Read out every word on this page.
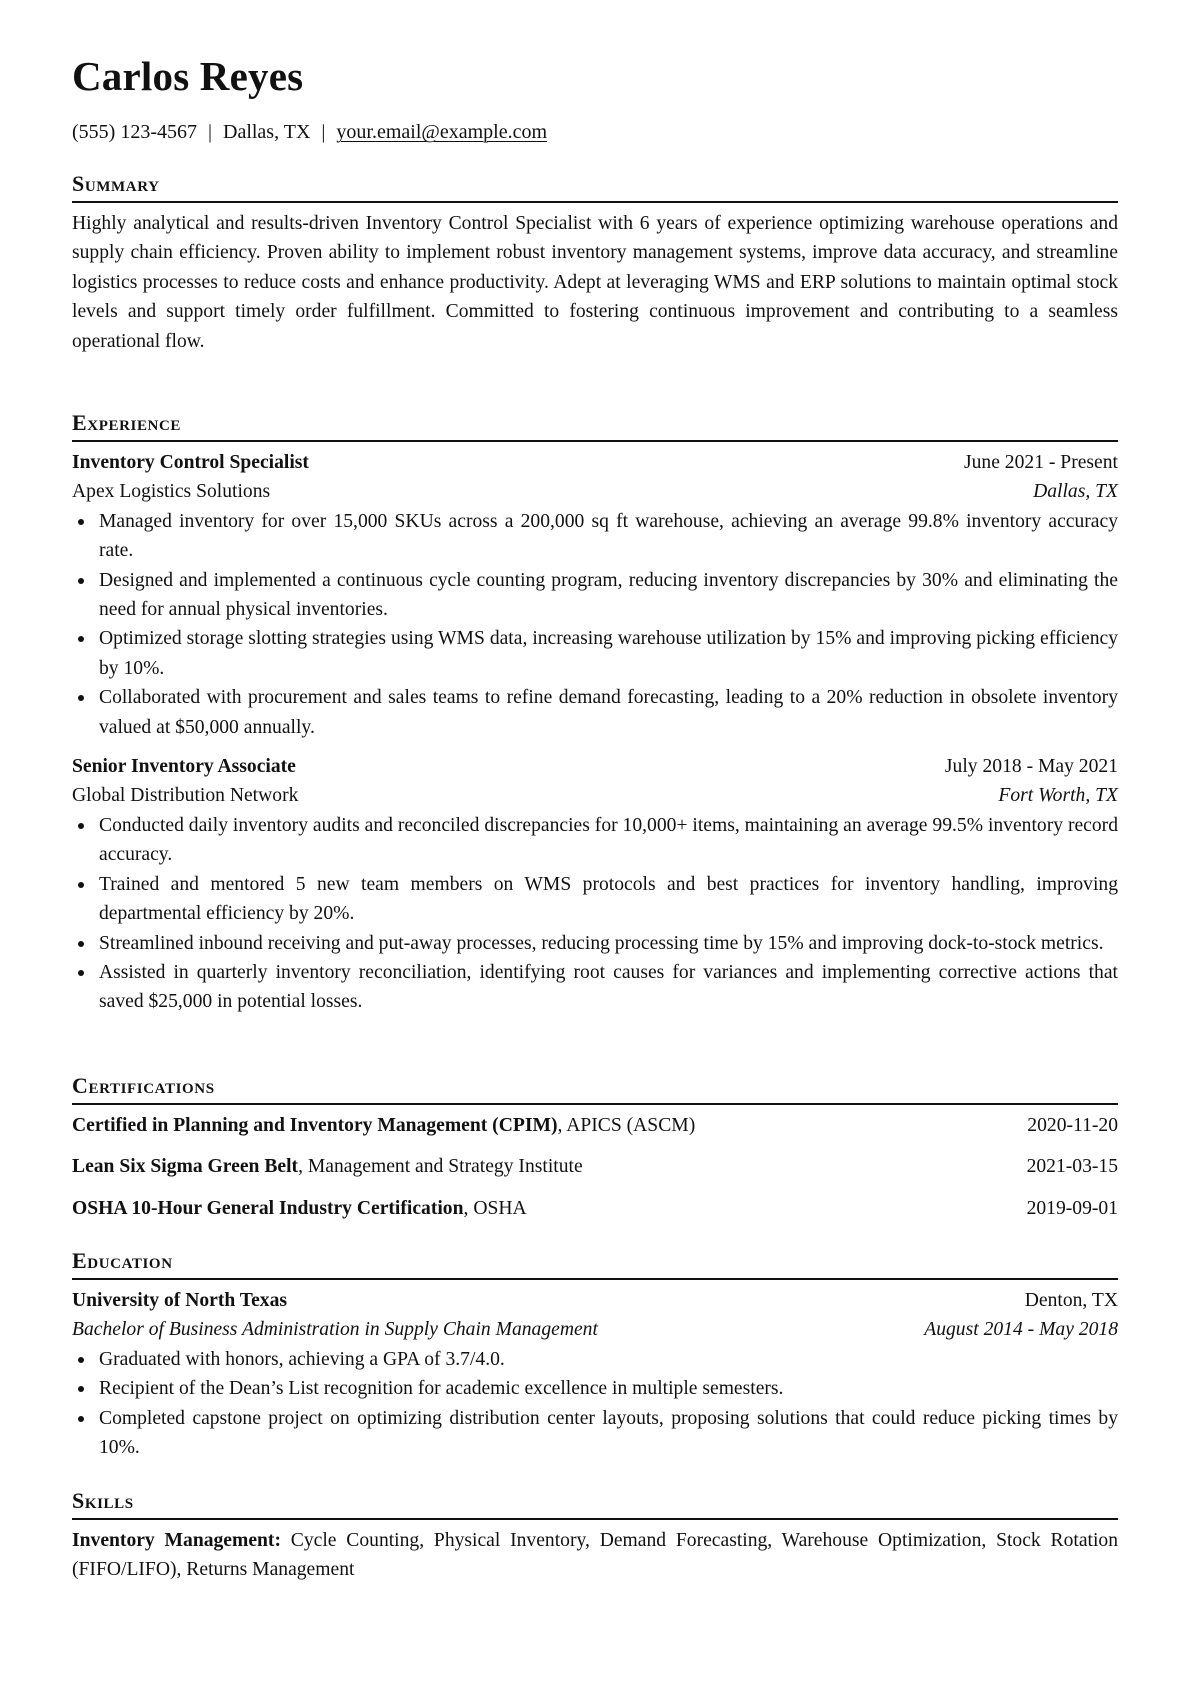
Carlos Reyes
(555) 123-4567 | Dallas, TX | your.email@example.com
Summary

Highly analytical and results-driven Inventory Control Specialist with 6 years of experience optimizing warehouse operations and supply chain efficiency. Proven ability to implement robust inventory management systems, improve data accuracy, and streamline logistics processes to reduce costs and enhance productivity. Adept at leveraging WMS and ERP solutions to maintain optimal stock levels and support timely order fulfillment. Committed to fostering continuous improvement and contributing to a seamless operational flow.

Experience
Inventory Control Specialist	June 2021 - Present
Apex Logistics Solutions	Dallas, TX
Managed inventory for over 15,000 SKUs across a 200,000 sq ft warehouse, achieving an average 99.8% inventory accuracy rate.
Designed and implemented a continuous cycle counting program, reducing inventory discrepancies by 30% and eliminating the need for annual physical inventories.
Optimized storage slotting strategies using WMS data, increasing warehouse utilization by 15% and improving picking efficiency by 10%.
Collaborated with procurement and sales teams to refine demand forecasting, leading to a 20% reduction in obsolete inventory valued at $50,000 annually.
Senior Inventory Associate	July 2018 - May 2021
Global Distribution Network	Fort Worth, TX
Conducted daily inventory audits and reconciled discrepancies for 10,000+ items, maintaining an average 99.5% inventory record accuracy.
Trained and mentored 5 new team members on WMS protocols and best practices for inventory handling, improving departmental efficiency by 20%.
Streamlined inbound receiving and put-away processes, reducing processing time by 15% and improving dock-to-stock metrics.
Assisted in quarterly inventory reconciliation, identifying root causes for variances and implementing corrective actions that saved $25,000 in potential losses.
Certifications
Certified in Planning and Inventory Management (CPIM), APICS (ASCM)	2020-11-20
Lean Six Sigma Green Belt, Management and Strategy Institute	2021-03-15
OSHA 10-Hour General Industry Certification, OSHA	2019-09-01
Education
University of North Texas	Denton, TX
Bachelor of Business Administration in Supply Chain Management	August 2014 - May 2018
Graduated with honors, achieving a GPA of 3.7/4.0.
Recipient of the Dean’s List recognition for academic excellence in multiple semesters.
Completed capstone project on optimizing distribution center layouts, proposing solutions that could reduce picking times by 10%.
Skills
Inventory Management: Cycle Counting, Physical Inventory, Demand Forecasting, Warehouse Optimization, Stock Rotation (FIFO/LIFO), Returns Management
